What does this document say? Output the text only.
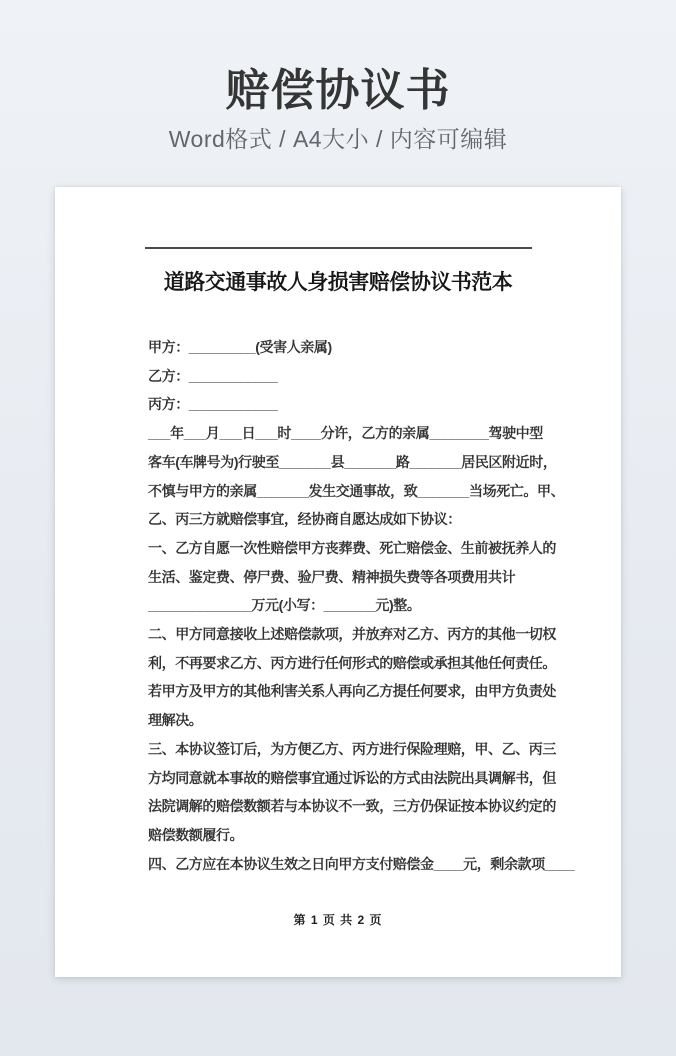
赔偿协议书
Word格式 / A4大小 / 内容可编辑
道路交通事故人身损害赔偿协议书范本
甲方：_________(受害人亲属)
乙方：____________
丙方：____________
___年___月___日___时____分许，乙方的亲属________驾驶中型
客车(车牌号为)行驶至_______县_______路_______居民区附近时，
不慎与甲方的亲属_______发生交通事故，致_______当场死亡。甲、
乙、丙三方就赔偿事宜，经协商自愿达成如下协议：
一、乙方自愿一次性赔偿甲方丧葬费、死亡赔偿金、生前被抚养人的
生活、鉴定费、停尸费、验尸费、精神损失费等各项费用共计
______________万元(小写：_______元)整。
二、甲方同意接收上述赔偿款项，并放弃对乙方、丙方的其他一切权
利，不再要求乙方、丙方进行任何形式的赔偿或承担其他任何责任。
若甲方及甲方的其他利害关系人再向乙方提任何要求，由甲方负责处
理解决。
三、本协议签订后，为方便乙方、丙方进行保险理赔，甲、乙、丙三
方均同意就本事故的赔偿事宜通过诉讼的方式由法院出具调解书，但
法院调解的赔偿数额若与本协议不一致，三方仍保证按本协议约定的
赔偿数额履行。
四、乙方应在本协议生效之日向甲方支付赔偿金____元，剩余款项____
第 1 页 共 2 页
